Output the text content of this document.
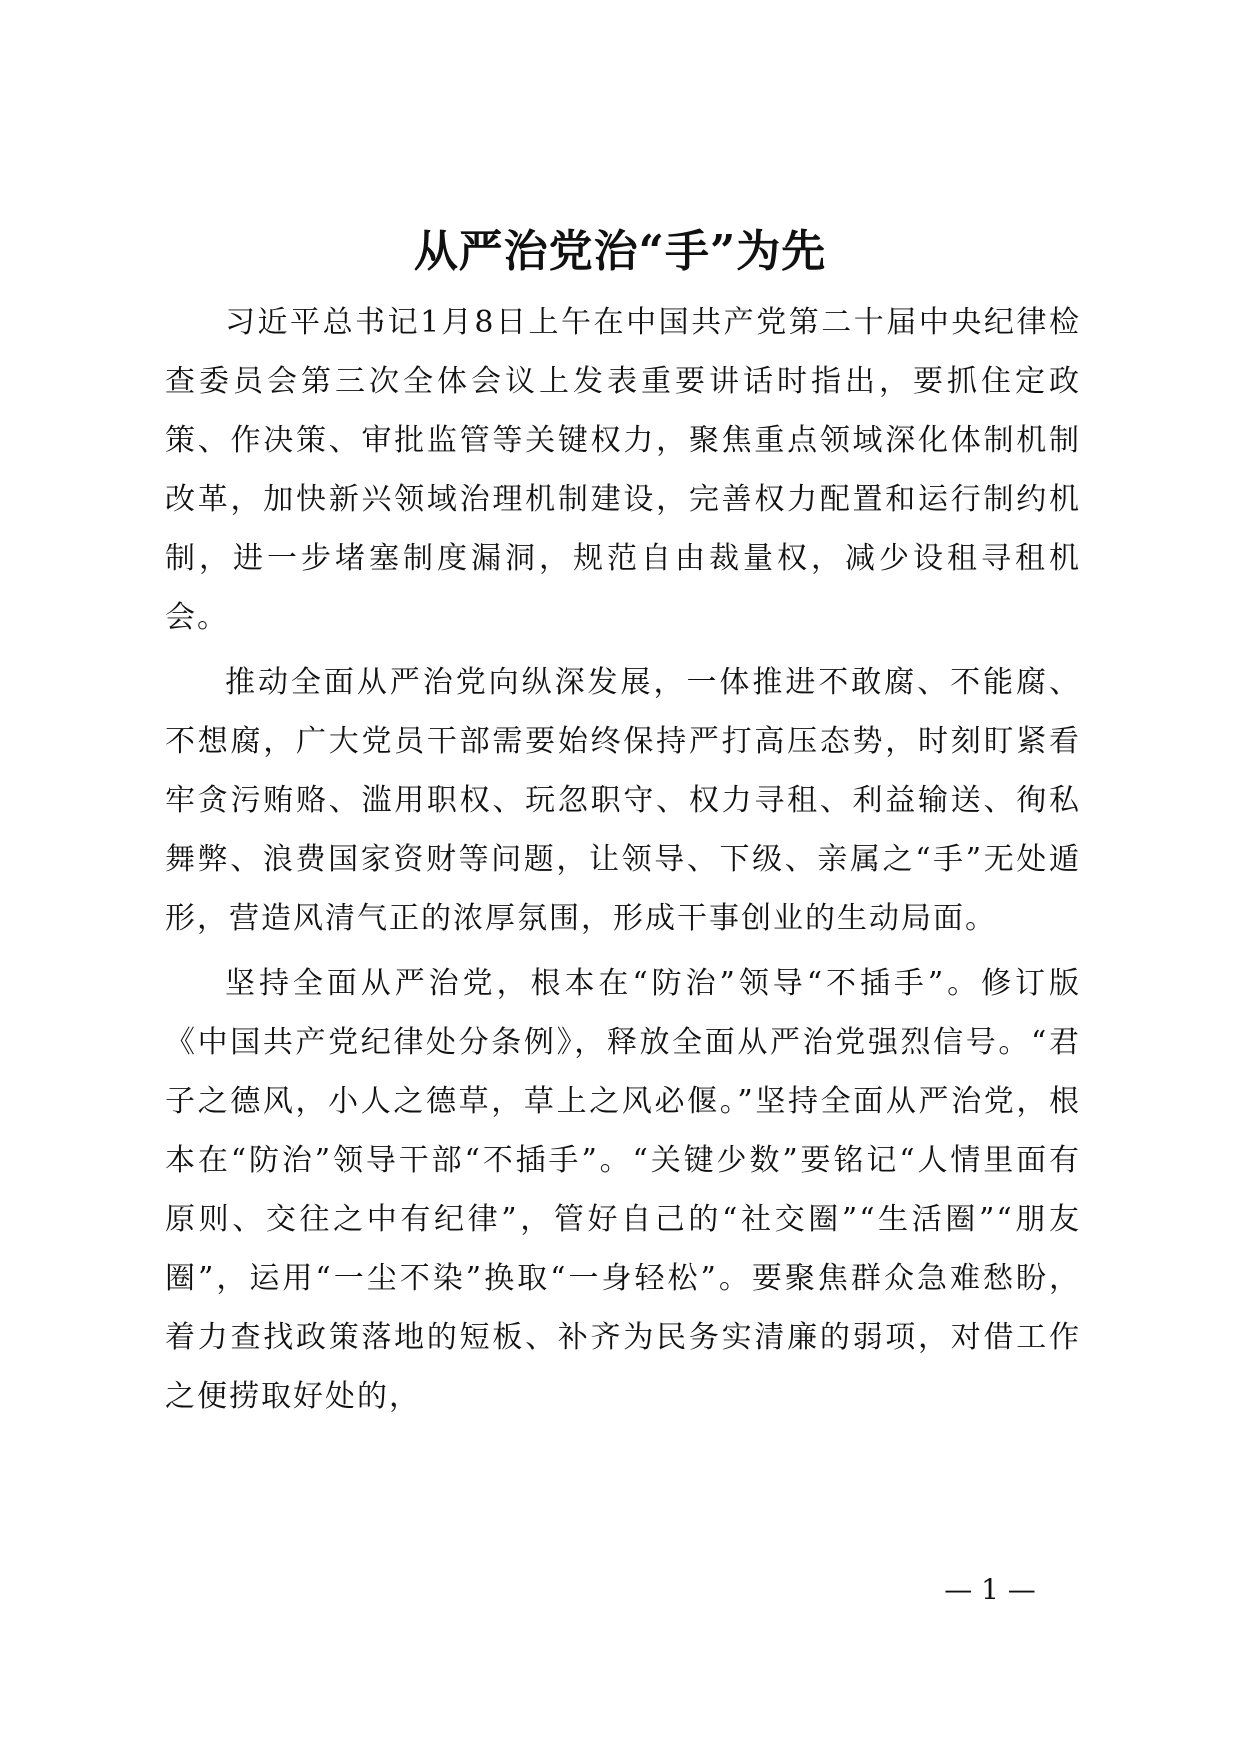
从严治党治“手”为先

习近平总书记1月8日上午在中国共产党第二十届中央纪律检查委员会第三次全体会议上发表重要讲话时指出，要抓住定政策、作决策、审批监管等关键权力，聚焦重点领域深化体制机制改革，加快新兴领域治理机制建设，完善权力配置和运行制约机制，进一步堵塞制度漏洞，规范自由裁量权，减少设租寻租机会。

推动全面从严治党向纵深发展，一体推进不敢腐、不能腐、不想腐，广大党员干部需要始终保持严打高压态势，时刻盯紧看牢贪污贿赂、滥用职权、玩忽职守、权力寻租、利益输送、徇私舞弊、浪费国家资财等问题，让领导、下级、亲属之“手”无处遁形，营造风清气正的浓厚氛围，形成干事创业的生动局面。

坚持全面从严治党，根本在“防治”领导“不插手”。修订版《中国共产党纪律处分条例》，释放全面从严治党强烈信号。“君子之德风，小人之德草，草上之风必偃。”坚持全面从严治党，根本在“防治”领导干部“不插手”。“关键少数”要铭记“人情里面有原则、交往之中有纪律”，管好自己的“社交圈”“生活圈”“朋友圈”，运用“一尘不染”换取“一身轻松”。要聚焦群众急难愁盼，着力查找政策落地的短板、补齐为民务实清廉的弱项，对借工作之便捞取好处的，

— 1 —
